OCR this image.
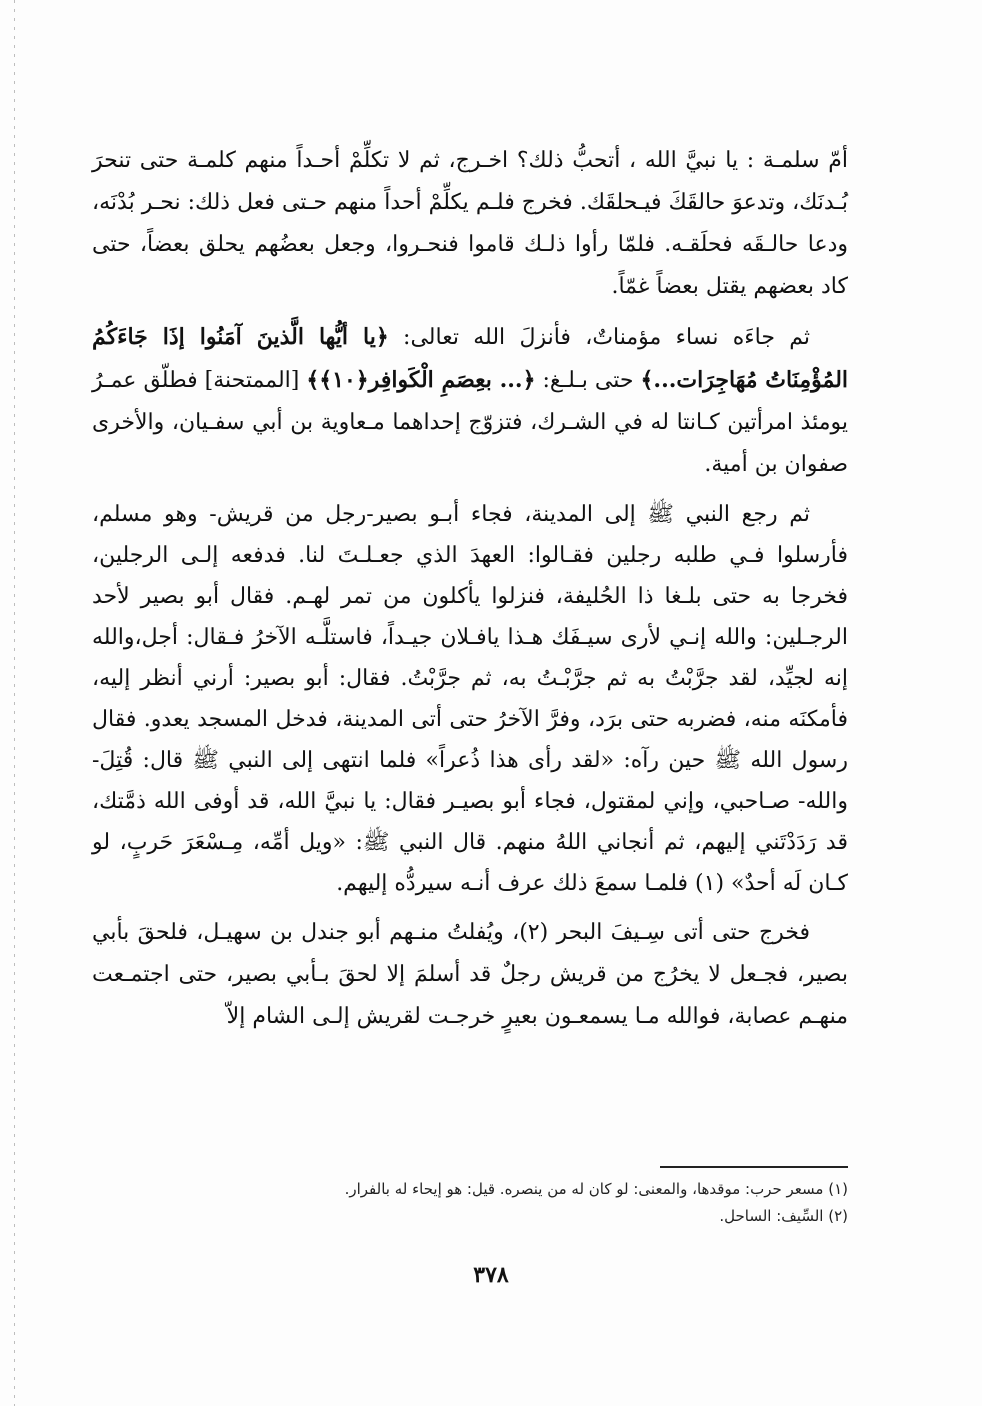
أمّ سلمـة : يا نبيَّ الله ، أتحبُّ ذلك؟ اخـرج، ثم لا تكلِّمْ أحـداً منهم كلمـة حتى تنحرَ بُـدنَك، وتدعوَ حالقَكَ فيـحلقَك. فخرج فلـم يكلِّمْ أحداً منهم حـتى فعل ذلك: نحـر بُدْنَه، ودعا حالـقَه فحلَقـه. فلمّا رأوا ذلـك قاموا فنحـروا، وجعل بعضُهم يحلق بعضاً، حتى كاد بعضهم يقتل بعضاً غمّاً.

ثم جاءَه نساء مؤمناتٌ، فأنزلَ الله تعالى: ﴿يا أيُّها الَّذينَ آمَنُوا إذَا جَاءَكُمُ المُؤْمِنَاتُ مُهَاجِرَات...﴾ حتى بـلـغ: ﴿... بعِصَمِ الْكَوافِر﴿١٠﴾﴾ [الممتحنة] فطلّق عمـرُ يومئذ امرأتين كـانتا له في الشـرك، فتزوّج إحداهما مـعاوية بن أبي سفـيان، والأخرى صفوان بن أمية.

ثم رجع النبي ﷺ إلى المدينة، فجاء أبـو بصير-رجل من قريش- وهو مسلم، فأرسلوا فـي طلبه رجلين فقـالوا: العهدَ الذي جعـلـتَ لنا. فدفعه إلـى الرجلين، فخرجا به حتى بلـغا ذا الحُليفة، فنزلوا يأكلون من تمر لهـم. فقال أبو بصير لأحد الرجـلين: والله إنـي لأرى سيـفَك هـذا يافـلان جيـداً، فاستلَّـه الآخرُ فـقال: أجل،والله إنه لجيِّد، لقد جرَّبْتُ به ثم جرَّبْـتُ به، ثم جرَّبْتُ. فقال: أبو بصير: أرني أنظر إليه، فأمكنَه منه، فضربه حتى برَد، وفرَّ الآخرُ حتى أتى المدينة، فدخل المسجد يعدو. فقال رسول الله ﷺ حين رآه: «لقد رأى هذا ذُعراً» فلما انتهى إلى النبي ﷺ قال: قُتِلَ-والله- صـاحبي، وإني لمقتول، فجاء أبو بصيـر فقال: يا نبيَّ الله، قد أوفى الله ذمَّتك، قد رَدَدْتَني إليهم، ثم أنجاني اللهُ منهم. قال النبي ﷺ: «ويل أمِّه، مِـسْعَرَ حَربٍ، لو كـان لَه أحدٌ» (١) فلمـا سمعَ ذلك عرف أنـه سيردُّه إليهم.

فخرج حتى أتى سِـيفَ البحر (٢)، ويُفلتُ منـهم أبو جندل بن سهيـل، فلحقَ بأبي بصير، فجـعل لا يخرُج من قريش رجلٌ قد أسلمَ إلا لحقَ بـأبي بصير، حتى اجتمـعت منهـم عصابة، فوالله مـا يسمعـون بعيرٍ خرجـت لقريش إلـى الشام إلاّ

(١) مسعر حرب: موقدها، والمعنى: لو كان له من ينصره. قيل: هو إيحاء له بالفرار.

(٢) السِّيف: الساحل.

٣٧٨
